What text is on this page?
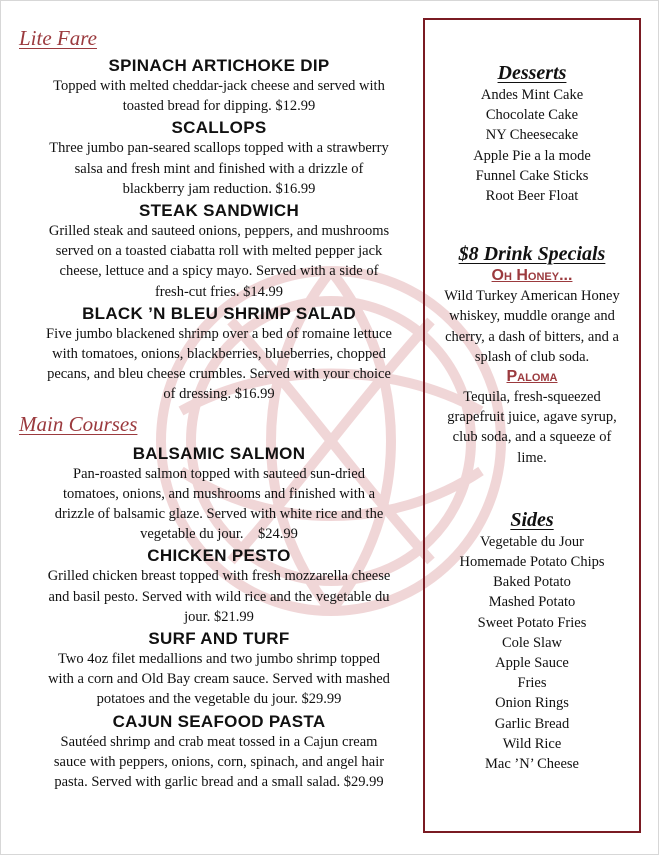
Lite Fare

SPINACH ARTICHOKE DIP

Topped with melted cheddar-jack cheese and served with

toasted bread for dipping. $12.99

SCALLOPS

Three jumbo pan-seared scallops topped with a strawberry

salsa and fresh mint and finished with a drizzle of

blackberry jam reduction. $16.99

STEAK SANDWICH

Grilled steak and sauteed onions, peppers, and mushrooms

served on a toasted ciabatta roll with melted pepper jack

cheese, lettuce and a spicy mayo. Served with a side of

fresh-cut fries. $14.99

BLACK ’N BLEU SHRIMP SALAD

Five jumbo blackened shrimp over a bed of romaine lettuce

with tomatoes, onions, blackberries, blueberries, chopped

pecans, and bleu cheese crumbles. Served with your choice

of dressing. $16.99

Main Courses

BALSAMIC SALMON

Pan-roasted salmon topped with sauteed sun-dried

tomatoes, onions, and mushrooms and finished with a

drizzle of balsamic glaze. Served with white rice and the

vegetable du jour.    $24.99

CHICKEN PESTO

Grilled chicken breast topped with fresh mozzarella cheese

and basil pesto. Served with wild rice and the vegetable du

jour. $21.99

SURF AND TURF

Two 4oz filet medallions and two jumbo shrimp topped

with a corn and Old Bay cream sauce. Served with mashed

potatoes and the vegetable du jour. $29.99

CAJUN SEAFOOD PASTA

Sautéed shrimp and crab meat tossed in a Cajun cream

sauce with peppers, onions, corn, spinach, and angel hair

pasta. Served with garlic bread and a small salad. $29.99

Desserts

Andes Mint Cake

Chocolate Cake

NY Cheesecake

Apple Pie a la mode

Funnel Cake Sticks

Root Beer Float

$8 Drink Specials

Oh Honey...

Wild Turkey American Honey

whiskey, muddle orange and

cherry, a dash of bitters, and a

splash of club soda.

Paloma

Tequila, fresh-squeezed

grapefruit juice, agave syrup,

club soda, and a squeeze of

lime.

Sides

Vegetable du Jour

Homemade Potato Chips

Baked Potato

Mashed Potato

Sweet Potato Fries

Cole Slaw

Apple Sauce

Fries

Onion Rings

Garlic Bread

Wild Rice

Mac ’N’ Cheese
